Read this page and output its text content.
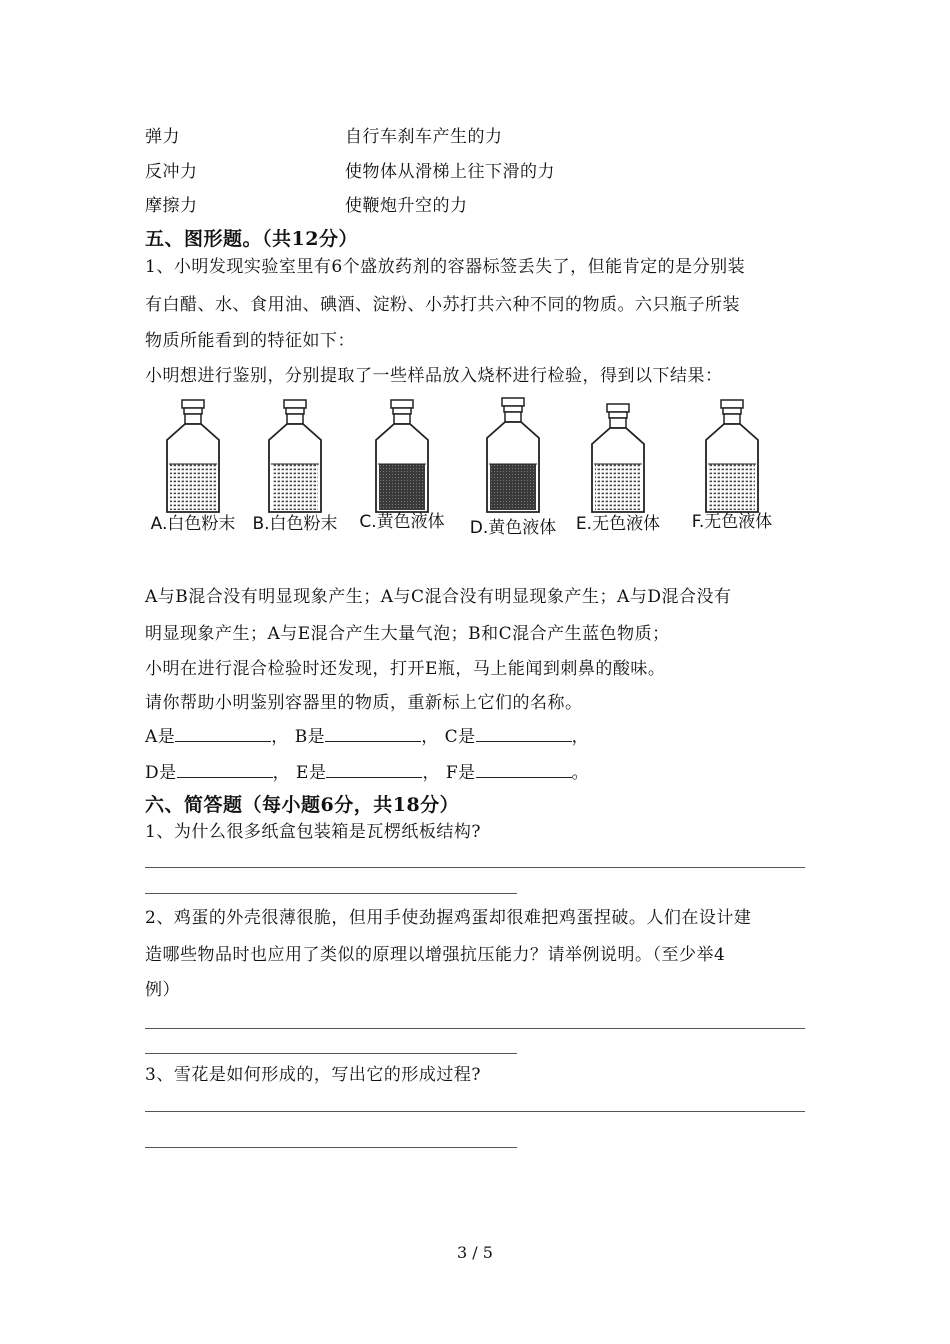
弹力	自行车刹车产生的力
反冲力	使物体从滑梯上往下滑的力
摩擦力	使鞭炮升空的力
五、图形题。（共12分）
1、小明发现实验室里有6个盛放药剂的容器标签丢失了，但能肯定的是分别装
有白醋、水、食用油、碘酒、淀粉、小苏打共六种不同的物质。六只瓶子所装
物质所能看到的特征如下：
小明想进行鉴别，分别提取了一些样品放入烧杯进行检验，得到以下结果：
A.白色粉末 B.白色粉末 C.黄色液体 D.黄色液体 E.无色液体 F.无色液体
A与B混合没有明显现象产生；A与C混合没有明显现象产生；A与D混合没有
明显现象产生；A与E混合产生大量气泡；B和C混合产生蓝色物质；
小明在进行混合检验时还发现，打开E瓶，马上能闻到刺鼻的酸味。
请你帮助小明鉴别容器里的物质，重新标上它们的名称。
A是	， B是	， C是	，
D是	， E是	， F是	。
六、简答题（每小题6分，共18分）
1、为什么很多纸盒包装箱是瓦楞纸板结构?
2、鸡蛋的外壳很薄很脆，但用手使劲握鸡蛋却很难把鸡蛋捏破。人们在设计建
造哪些物品时也应用了类似的原理以增强抗压能力？请举例说明。（至少举4
例）
3、雪花是如何形成的，写出它的形成过程?
3 / 5
